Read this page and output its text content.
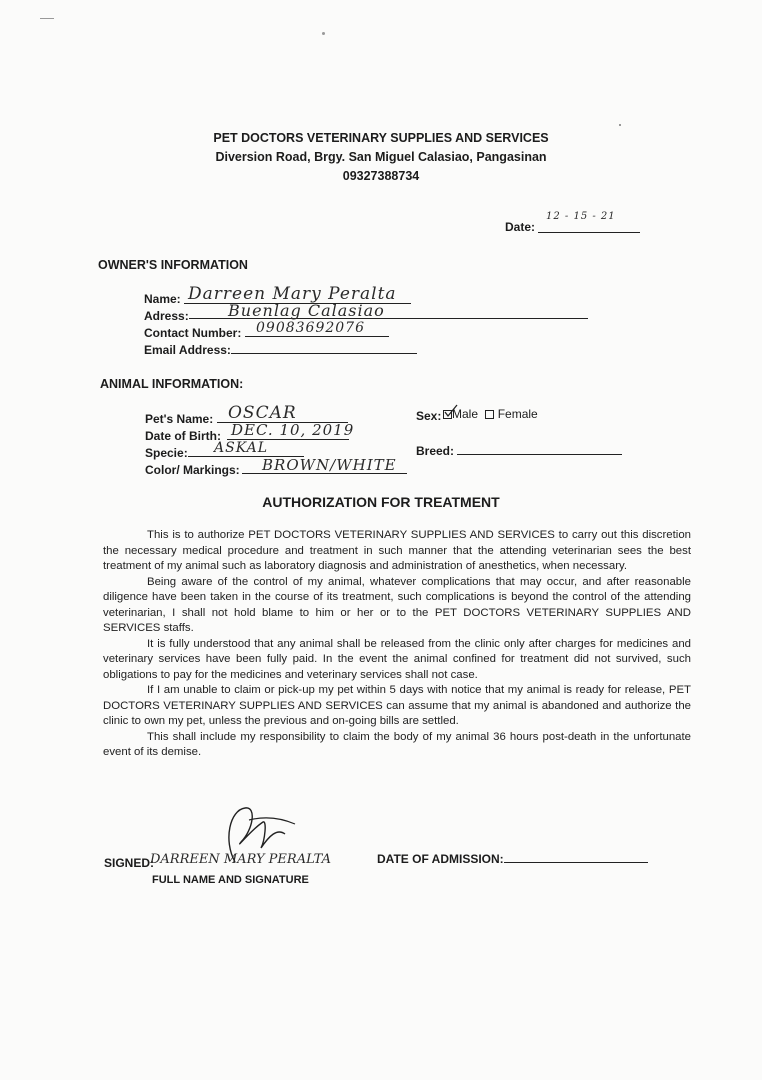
PET DOCTORS VETERINARY SUPPLIES AND SERVICES
Diversion Road, Brgy. San Miguel Calasiao, Pangasinan
09327388734
Date:
12 - 15 - 21
OWNER'S INFORMATION
Name: Darreen Mary Peralta
Adress: Buenlag Calasiao
Contact Number: 09083692076
Email Address:
ANIMAL INFORMATION:
Pet's Name: OSCAR
Date of Birth: DEC. 10, 2019
Specie: ASKAL
Color/ Markings: BROWN/WHITE
Sex: Male Female
Breed:
AUTHORIZATION FOR TREATMENT

This is to authorize PET DOCTORS VETERINARY SUPPLIES AND SERVICES to carry out this discretion the necessary medical procedure and treatment in such manner that the attending veterinarian sees the best treatment of my animal such as laboratory diagnosis and administration of anesthetics, when necessary.

Being aware of the control of my animal, whatever complications that may occur, and after reasonable diligence have been taken in the course of its treatment, such complications is beyond the control of the attending veterinarian, I shall not hold blame to him or her or to the PET DOCTORS VETERINARY SUPPLIES AND SERVICES staffs.

It is fully understood that any animal shall be released from the clinic only after charges for medicines and veterinary services have been fully paid. In the event the animal confined for treatment did not survived, such obligations to pay for the medicines and veterinary services shall not case.

If I am unable to claim or pick-up my pet within 5 days with notice that my animal is ready for release, PET DOCTORS VETERINARY SUPPLIES AND SERVICES can assume that my animal is abandoned and authorize the clinic to own my pet, unless the previous and on-going bills are settled.

This shall include my responsibility to claim the body of my animal 36 hours post-death in the unfortunate event of its demise.

SIGNED:
DARREEN MARY PERALTA
FULL NAME AND SIGNATURE
DATE OF ADMISSION:
